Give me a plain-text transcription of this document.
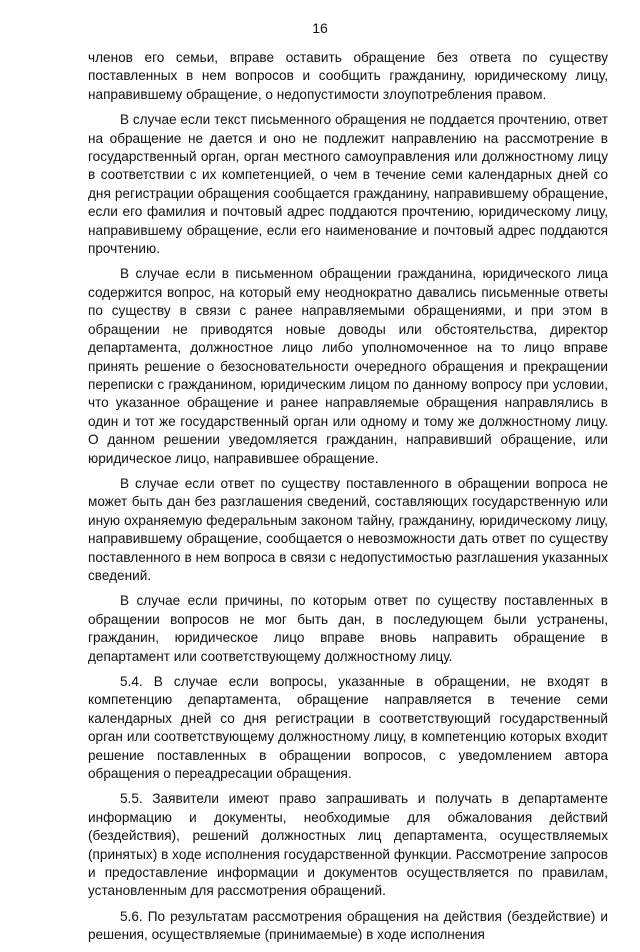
16

членов его семьи, вправе оставить обращение без ответа по существу поставленных в нем вопросов и сообщить гражданину, юридическому лицу, направившему обращение, о недопустимости злоупотребления правом.

В случае если текст письменного обращения не поддается прочтению, ответ на обращение не дается и оно не подлежит направлению на рассмотрение в государственный орган, орган местного самоуправления или должностному лицу в соответствии с их компетенцией, о чем в течение семи календарных дней со дня регистрации обращения сообщается гражданину, направившему обращение, если его фамилия и почтовый адрес поддаются прочтению, юридическому лицу, направившему обращение, если его наименование и почтовый адрес поддаются прочтению.

В случае если в письменном обращении гражданина, юридического лица содержится вопрос, на который ему неоднократно давались письменные ответы по существу в связи с ранее направляемыми обращениями, и при этом в обращении не приводятся новые доводы или обстоятельства, директор департамента, должностное лицо либо уполномоченное на то лицо вправе принять решение о безосновательности очередного обращения и прекращении переписки с гражданином, юридическим лицом по данному вопросу при условии, что указанное обращение и ранее направляемые обращения направлялись в один и тот же государственный орган или одному и тому же должностному лицу. О данном решении уведомляется гражданин, направивший обращение, или юридическое лицо, направившее обращение.

В случае если ответ по существу поставленного в обращении вопроса не может быть дан без разглашения сведений, составляющих государственную или иную охраняемую федеральным законом тайну, гражданину, юридическому лицу, направившему обращение, сообщается о невозможности дать ответ по существу поставленного в нем вопроса в связи с недопустимостью разглашения указанных сведений.

В случае если причины, по которым ответ по существу поставленных в обращении вопросов не мог быть дан, в последующем были устранены, гражданин, юридическое лицо вправе вновь направить обращение в департамент или соответствующему должностному лицу.

5.4. В случае если вопросы, указанные в обращении, не входят в компетенцию департамента, обращение направляется в течение семи календарных дней со дня регистрации в соответствующий государственный орган или соответствующему должностному лицу, в компетенцию которых входит решение поставленных в обращении вопросов, с уведомлением автора обращения о переадресации обращения.

5.5. Заявители имеют право запрашивать и получать в департаменте информацию и документы, необходимые для обжалования действий (бездействия), решений должностных лиц департамента, осуществляемых (принятых) в ходе исполнения государственной функции. Рассмотрение запросов и предоставление информации и документов осуществляется по правилам, установленным для рассмотрения обращений.

5.6. По результатам рассмотрения обращения на действия (бездействие) и решения, осуществляемые (принимаемые) в ходе исполнения
